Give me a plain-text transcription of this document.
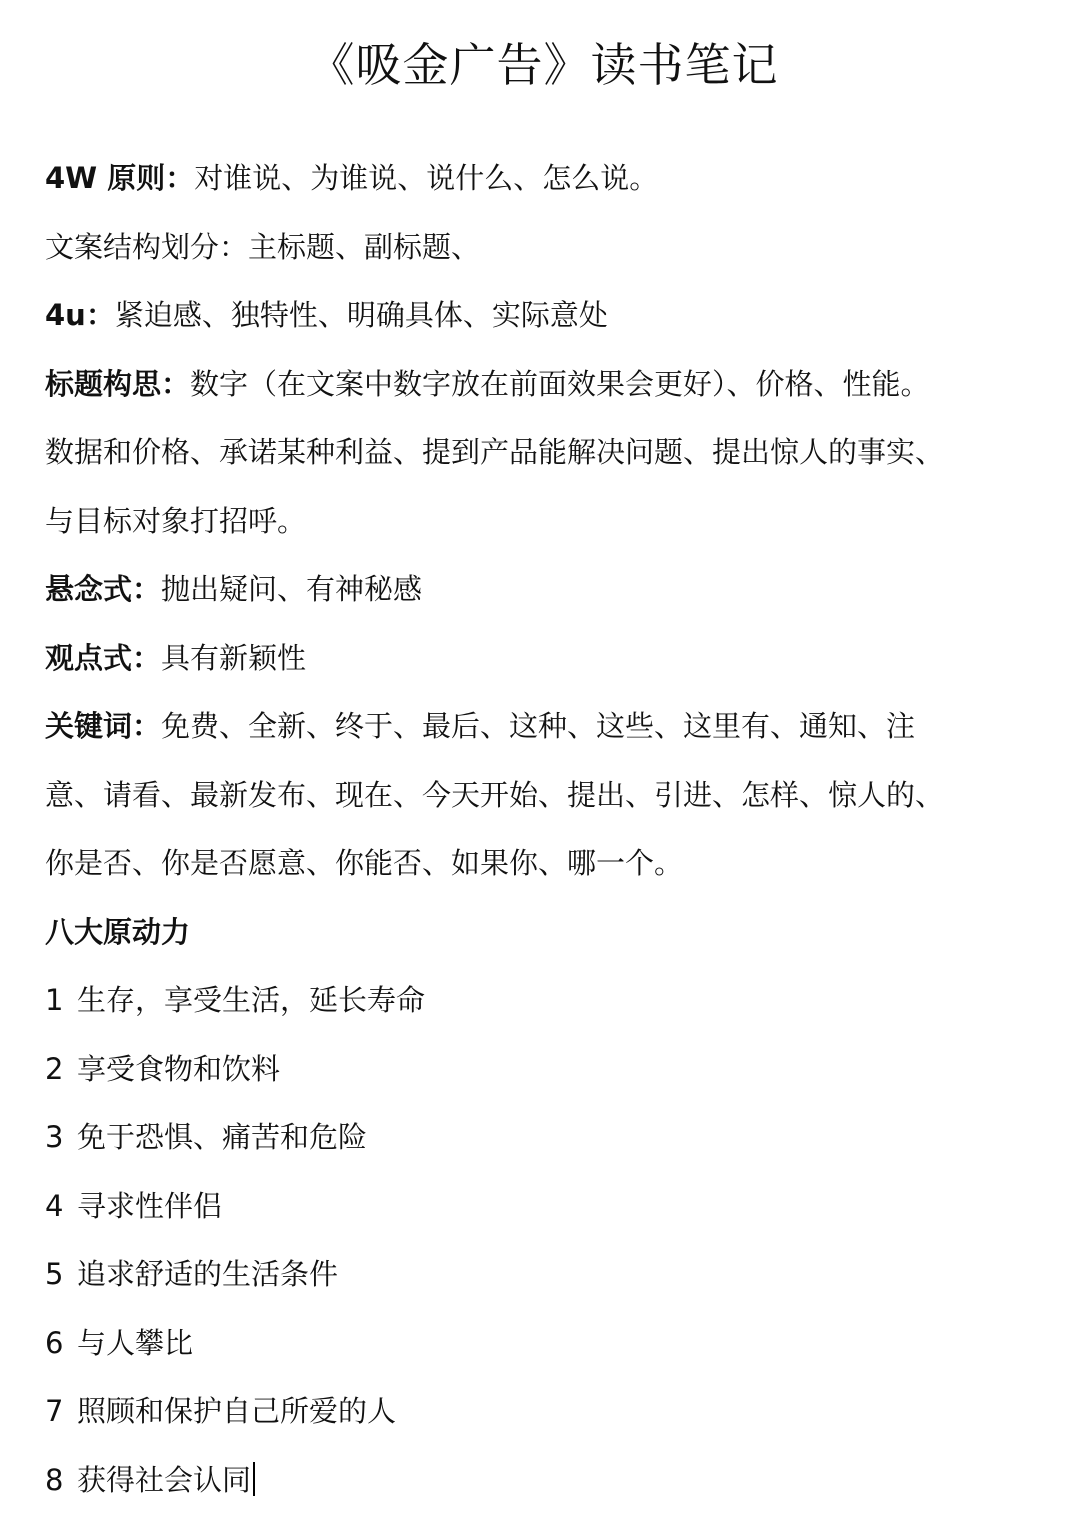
《吸金广告》读书笔记
4W 原则：对谁说、为谁说、说什么、怎么说。
文案结构划分：主标题、副标题、
4u：紧迫感、独特性、明确具体、实际意处
标题构思：数字（在文案中数字放在前面效果会更好）、价格、性能。
数据和价格、承诺某种利益、提到产品能解决问题、提出惊人的事实、
与目标对象打招呼。
悬念式：抛出疑问、有神秘感
观点式：具有新颖性
关键词：免费、全新、终于、最后、这种、这些、这里有、通知、注
意、请看、最新发布、现在、今天开始、提出、引进、怎样、惊人的、
你是否、你是否愿意、你能否、如果你、哪一个。
八大原动力
1 生存，享受生活，延长寿命
2 享受食物和饮料
3 免于恐惧、痛苦和危险
4 寻求性伴侣
5 追求舒适的生活条件
6 与人攀比
7 照顾和保护自己所爱的人
8 获得社会认同
